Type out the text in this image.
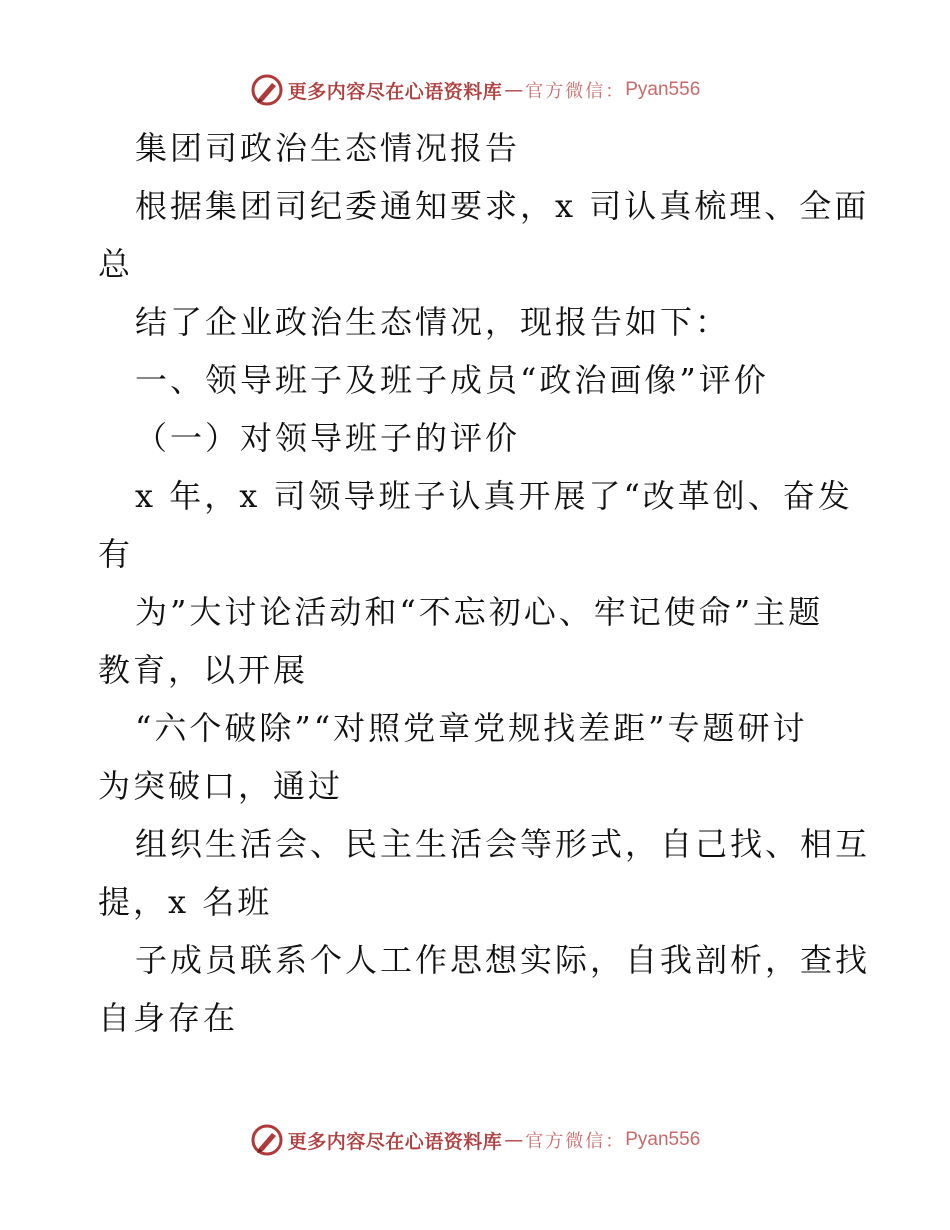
更多内容尽在心语资料库 — 官方微信： Pyan556
集团司政治生态情况报告
根据集团司纪委通知要求，x 司认真梳理、全面
总
结了企业政治生态情况，现报告如下：
一、领导班子及班子成员“政治画像”评价
（一）对领导班子的评价
x 年，x 司领导班子认真开展了“改革创、奋发
有
为”大讨论活动和“不忘初心、牢记使命”主题
教育，以开展
“六个破除”“对照党章党规找差距”专题研讨
为突破口，通过
组织生活会、民主生活会等形式，自己找、相互
提，x 名班
子成员联系个人工作思想实际，自我剖析，查找
自身存在
更多内容尽在心语资料库 — 官方微信： Pyan556
